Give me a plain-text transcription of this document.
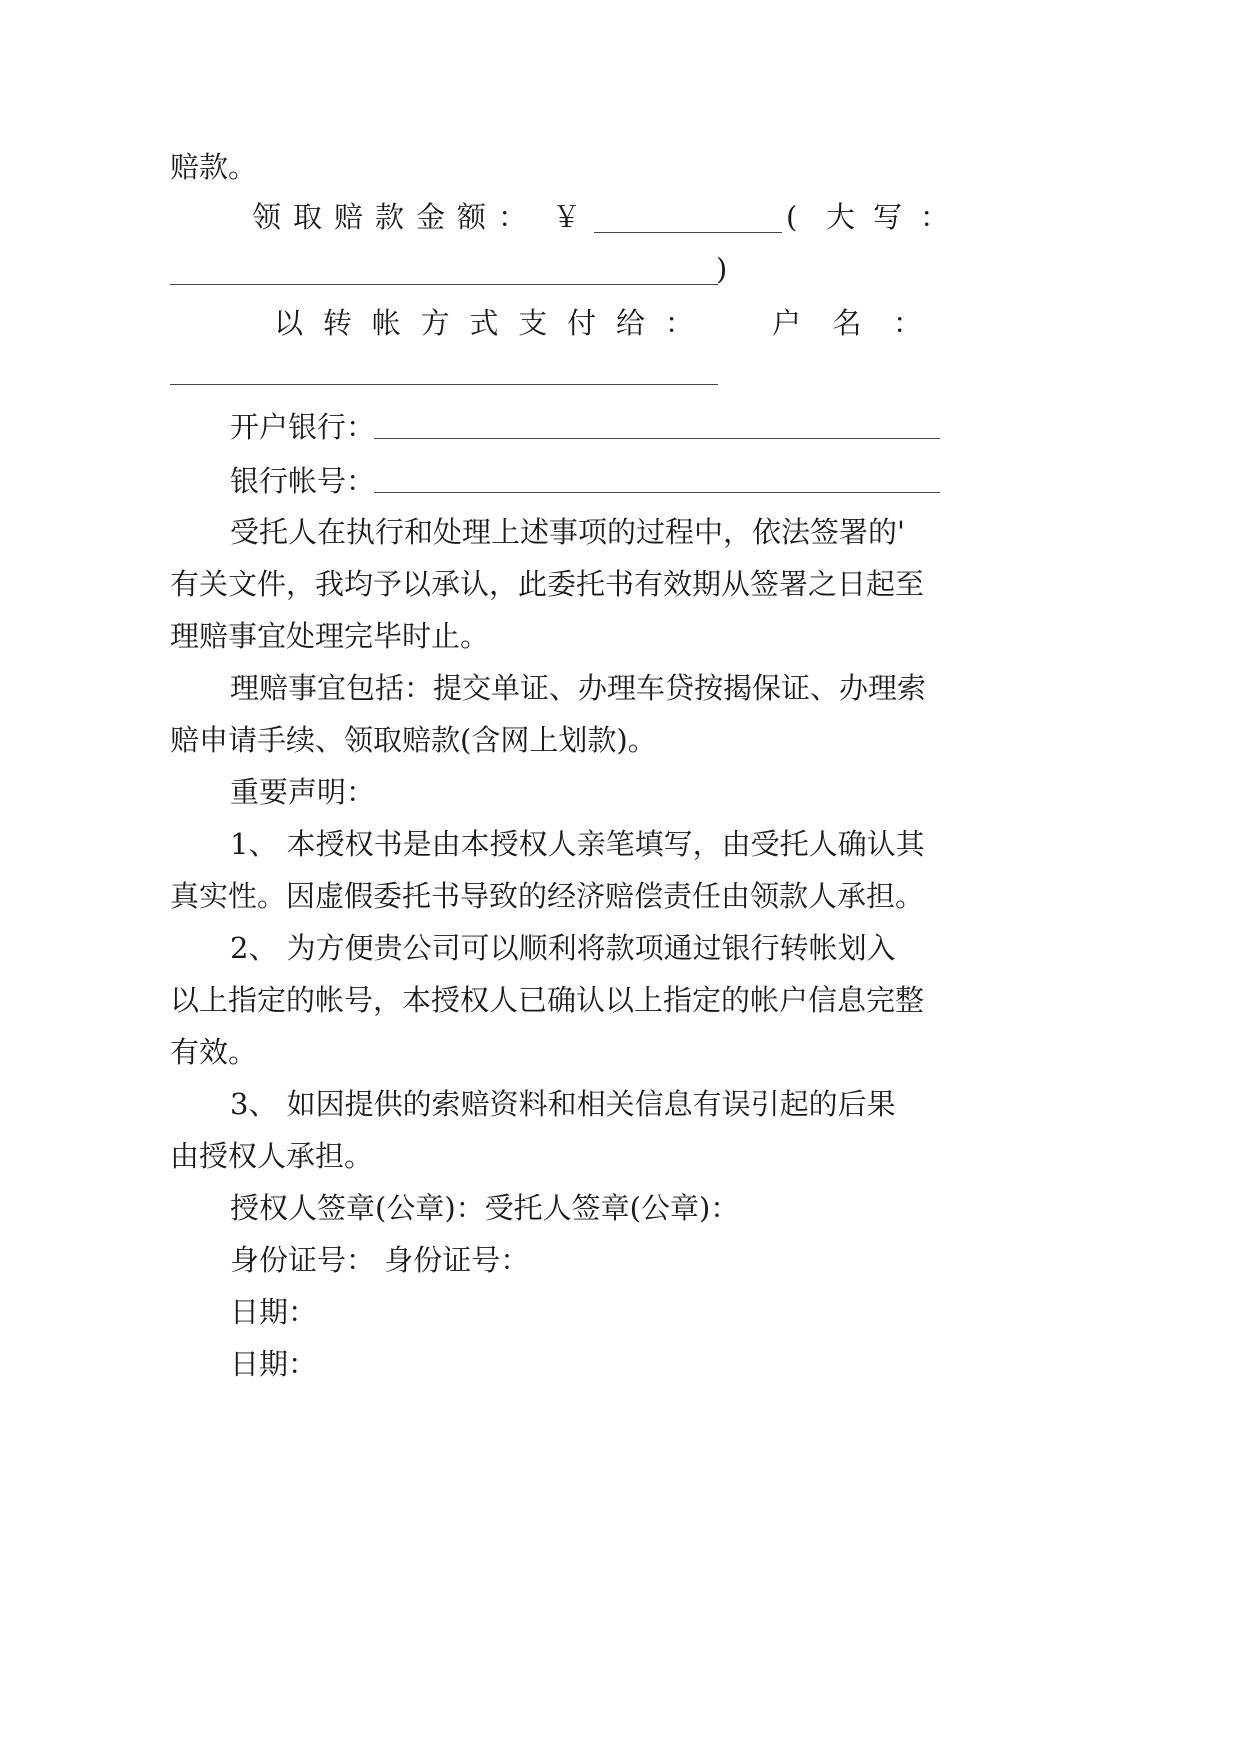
赔款。

领取赔款金额： ￥	( 大写：
)
以 转 帐 方 式 支 付 给 ：	户 名 ：
开户银行：
银行帐号：

受托人在执行和处理上述事项的过程中，依法签署的'

有关文件，我均予以承认，此委托书有效期从签署之日起至

理赔事宜处理完毕时止。

理赔事宜包括：提交单证、办理车贷按揭保证、办理索

赔申请手续、领取赔款(含网上划款)。

重要声明：

1、 本授权书是由本授权人亲笔填写，由受托人确认其

真实性。因虚假委托书导致的经济赔偿责任由领款人承担。

2、 为方便贵公司可以顺利将款项通过银行转帐划入

以上指定的帐号，本授权人已确认以上指定的帐户信息完整

有效。

3、 如因提供的索赔资料和相关信息有误引起的后果

由授权人承担。

授权人签章(公章)：受托人签章(公章)：

身份证号： 身份证号：

日期：

日期：
